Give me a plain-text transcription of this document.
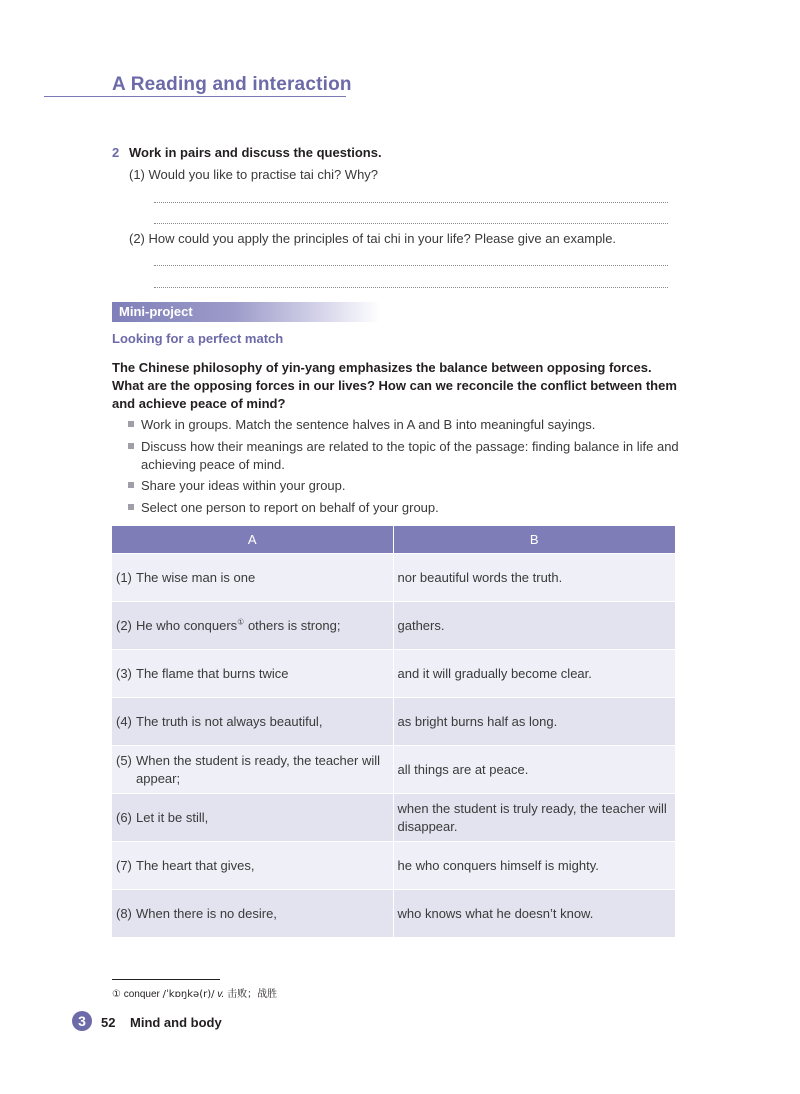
A Reading and interaction
2 Work in pairs and discuss the questions.
(1) Would you like to practise tai chi? Why?
(2) How could you apply the principles of tai chi in your life? Please give an example.
Mini-project
Looking for a perfect match
The Chinese philosophy of yin-yang emphasizes the balance between opposing forces. What are the opposing forces in our lives? How can we reconcile the conflict between them and achieve peace of mind?
Work in groups. Match the sentence halves in A and B into meaningful sayings.
Discuss how their meanings are related to the topic of the passage: finding balance in life and achieving peace of mind.
Share your ideas within your group.
Select one person to report on behalf of your group.
A	B

(1) The wise man is one	nor beautiful words the truth.

(2) He who conquers① others is strong;	gathers.

(3) The flame that burns twice	and it will gradually become clear.

(4) The truth is not always beautiful,	as bright burns half as long.

(5) When the student is ready, the teacher will appear;	all things are at peace.

(6) Let it be still,	when the student is truly ready, the teacher will disappear.

(7) The heart that gives,	he who conquers himself is mighty.

(8) When there is no desire,	who knows what he doesn’t know.
① conquer /ˈkɒŋkə(r)/ v. 击败；战胜
3	52 Mind and body
